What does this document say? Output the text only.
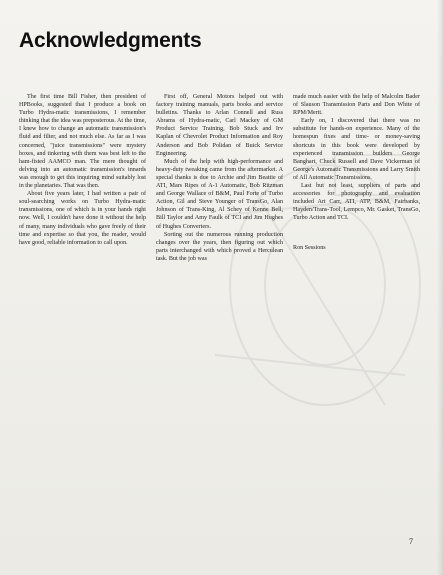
Acknowledgments

The first time Bill Fisher, then president of HPBooks, suggested that I produce a book on Turbo Hydra-matic transmissions, I remember thinking that the idea was preposterous. At the time, I knew how to change an automatic transmission's fluid and filter, and not much else. As far as I was concerned, "juice transmissions" were mystery boxes, and tinkering with them was best left to the ham-fisted AAMCO man. The mere thought of delving into an automatic transmission's innards was enough to get this inquiring mind suitably lost in the planetaries. That was then.

About five years later, I had written a pair of soul-searching works on Turbo Hydra-matic transmissions, one of which is in your hands right now. Well, I couldn't have done it without the help of many, many individuals who gave freely of their time and expertise so that you, the reader, would have good, reliable information to call upon.

First off, General Motors helped out with factory training manuals, parts books and service bulletins. Thanks to Arlan Connell and Russ Abrams of Hydra-matic, Carl Mackey of GM Product Service Training, Bob Stuck and Irv Kaplan of Chevrolet Product Information and Roy Anderson and Bob Polidan of Buick Service Engineering.

Much of the help with high-performance and heavy-duty tweaking came from the aftermarket. A special thanks is due to Archie and Jim Beattie of ATI, Mars Ripes of A-1 Automatic, Bob Ritzman and George Wallace of B&M, Paul Forte of Turbo Action, Gil and Steve Younger of TransGo, Alan Johnson of Trans-King, Al Schey of Kenne Bell, Bill Taylor and Amy Faulk of TCI and Jim Hughes of Hughes Converters.

Sorting out the numerous running production changes over the years, then figuring out which parts interchanged with which proved a Herculean task. But the job was

made much easier with the help of Malcolm Bader of Slauson Transmission Parts and Don White of RPM/Merit.

Early on, I discovered that there was no substitute for hands-on experience. Many of the homespun fixes and time- or money-saving shortcuts in this book were developed by experienced transmission builders George Banghart, Chuck Russell and Dave Vickerman of George's Automatic Transmissions and Larry Smith of All Automatic Transmissions.

Last but not least, suppliers of parts and accessories for photography and evaluation included Art Carr, ATI, ATP, B&M, Fairbanks, Hayden/Trans-Tool, Lempco, Mr. Gasket, TransGo, Turbo Action and TCI.

Ron Sessions

7
